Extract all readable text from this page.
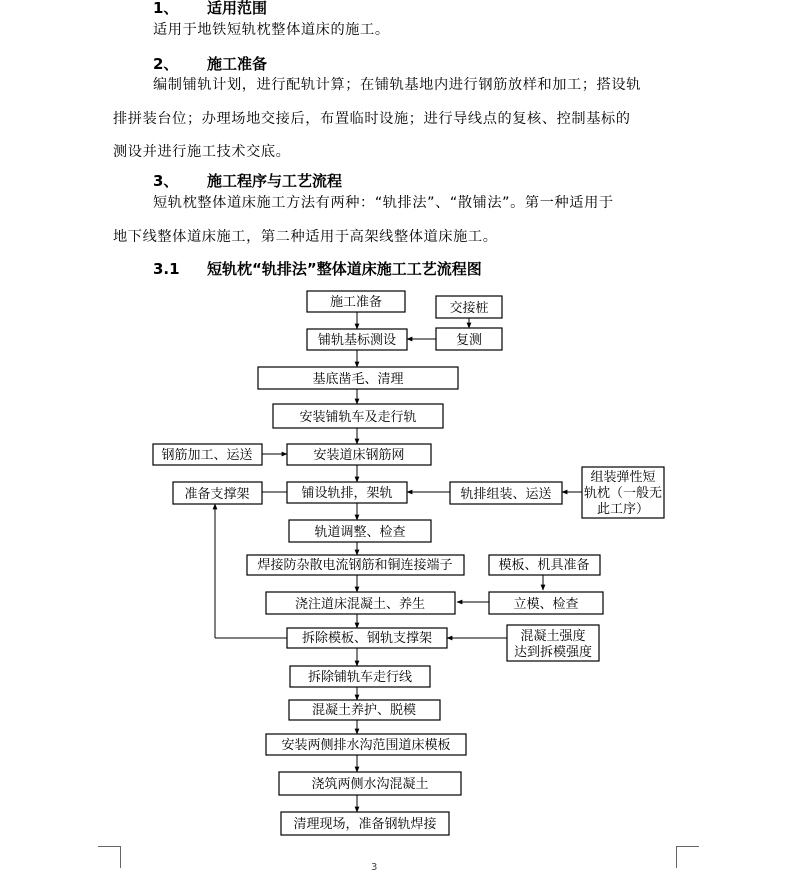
1、 适用范围
适用于地铁短轨枕整体道床的施工。
2、 施工准备
编制铺轨计划，进行配轨计算；在铺轨基地内进行钢筋放样和加工；搭设轨
排拼装台位；办理场地交接后，布置临时设施；进行导线点的复核、控制基标的
测设并进行施工技术交底。
3、 施工程序与工艺流程
短轨枕整体道床施工方法有两种：“轨排法”、“散铺法”。第一种适用于
地下线整体道床施工，第二种适用于高架线整体道床施工。
3.1 短轨枕“轨排法”整体道床施工工艺流程图
施工准备
铺轨基标测设
基底凿毛、清理
安装铺轨车及走行轨
安装道床钢筋网
铺设轨排，架轨
轨道调整、检查
焊接防杂散电流钢筋和铜连接端子
浇注道床混凝土、养生
拆除模板、钢轨支撑架
拆除铺轨车走行线
混凝土养护、脱模
安装两侧排水沟范围道床模板
浇筑两侧水沟混凝土
清理现场，准备钢轨焊接
交接桩
复测
钢筋加工、运送
准备支撑架	轨排组装、运送
组装弹性短
轨枕（一般无
此工序）
模板、机具准备
立模、检查
混凝土强度
达到拆模强度
3
